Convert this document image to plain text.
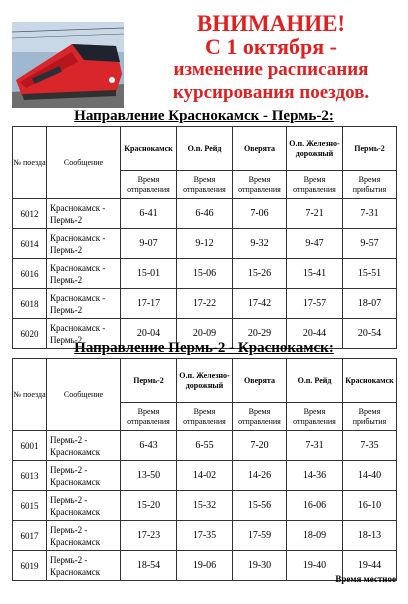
ВНИМАНИЕ!
С 1 октября -
изменение расписания
курсирования поездов.
Направление Краснокамск - Пермь-2:
№ поезда	Сообщение	Краснокамск	О.п. Рейд	Оверята	О.п. Железно-дорожный	Пермь-2
		Время отправления	Время отправления	Время отправления	Время отправления	Время прибытия
6012	Краснокамск - Пермь-2	6-41	6-46	7-06	7-21	7-31
6014	Краснокамск - Пермь-2	9-07	9-12	9-32	9-47	9-57
6016	Краснокамск - Пермь-2	15-01	15-06	15-26	15-41	15-51
6018	Краснокамск - Пермь-2	17-17	17-22	17-42	17-57	18-07
6020	Краснокамск - Пермь-2	20-04	20-09	20-29	20-44	20-54
Направление Пермь-2 - Краснокамск:
№ поезда	Сообщение	Пермь-2	О.п. Железно-дорожный	Оверята	О.п. Рейд	Краснокамск
		Время отправления	Время отправления	Время отправления	Время отправления	Время прибытия
6001	Пермь-2 - Краснокамск	6-43	6-55	7-20	7-31	7-35
6013	Пермь-2 - Краснокамск	13-50	14-02	14-26	14-36	14-40
6015	Пермь-2 - Краснокамск	15-20	15-32	15-56	16-06	16-10
6017	Пермь-2 - Краснокамск	17-23	17-35	17-59	18-09	18-13
6019	Пермь-2 - Краснокамск	18-54	19-06	19-30	19-40	19-44
Время местное
